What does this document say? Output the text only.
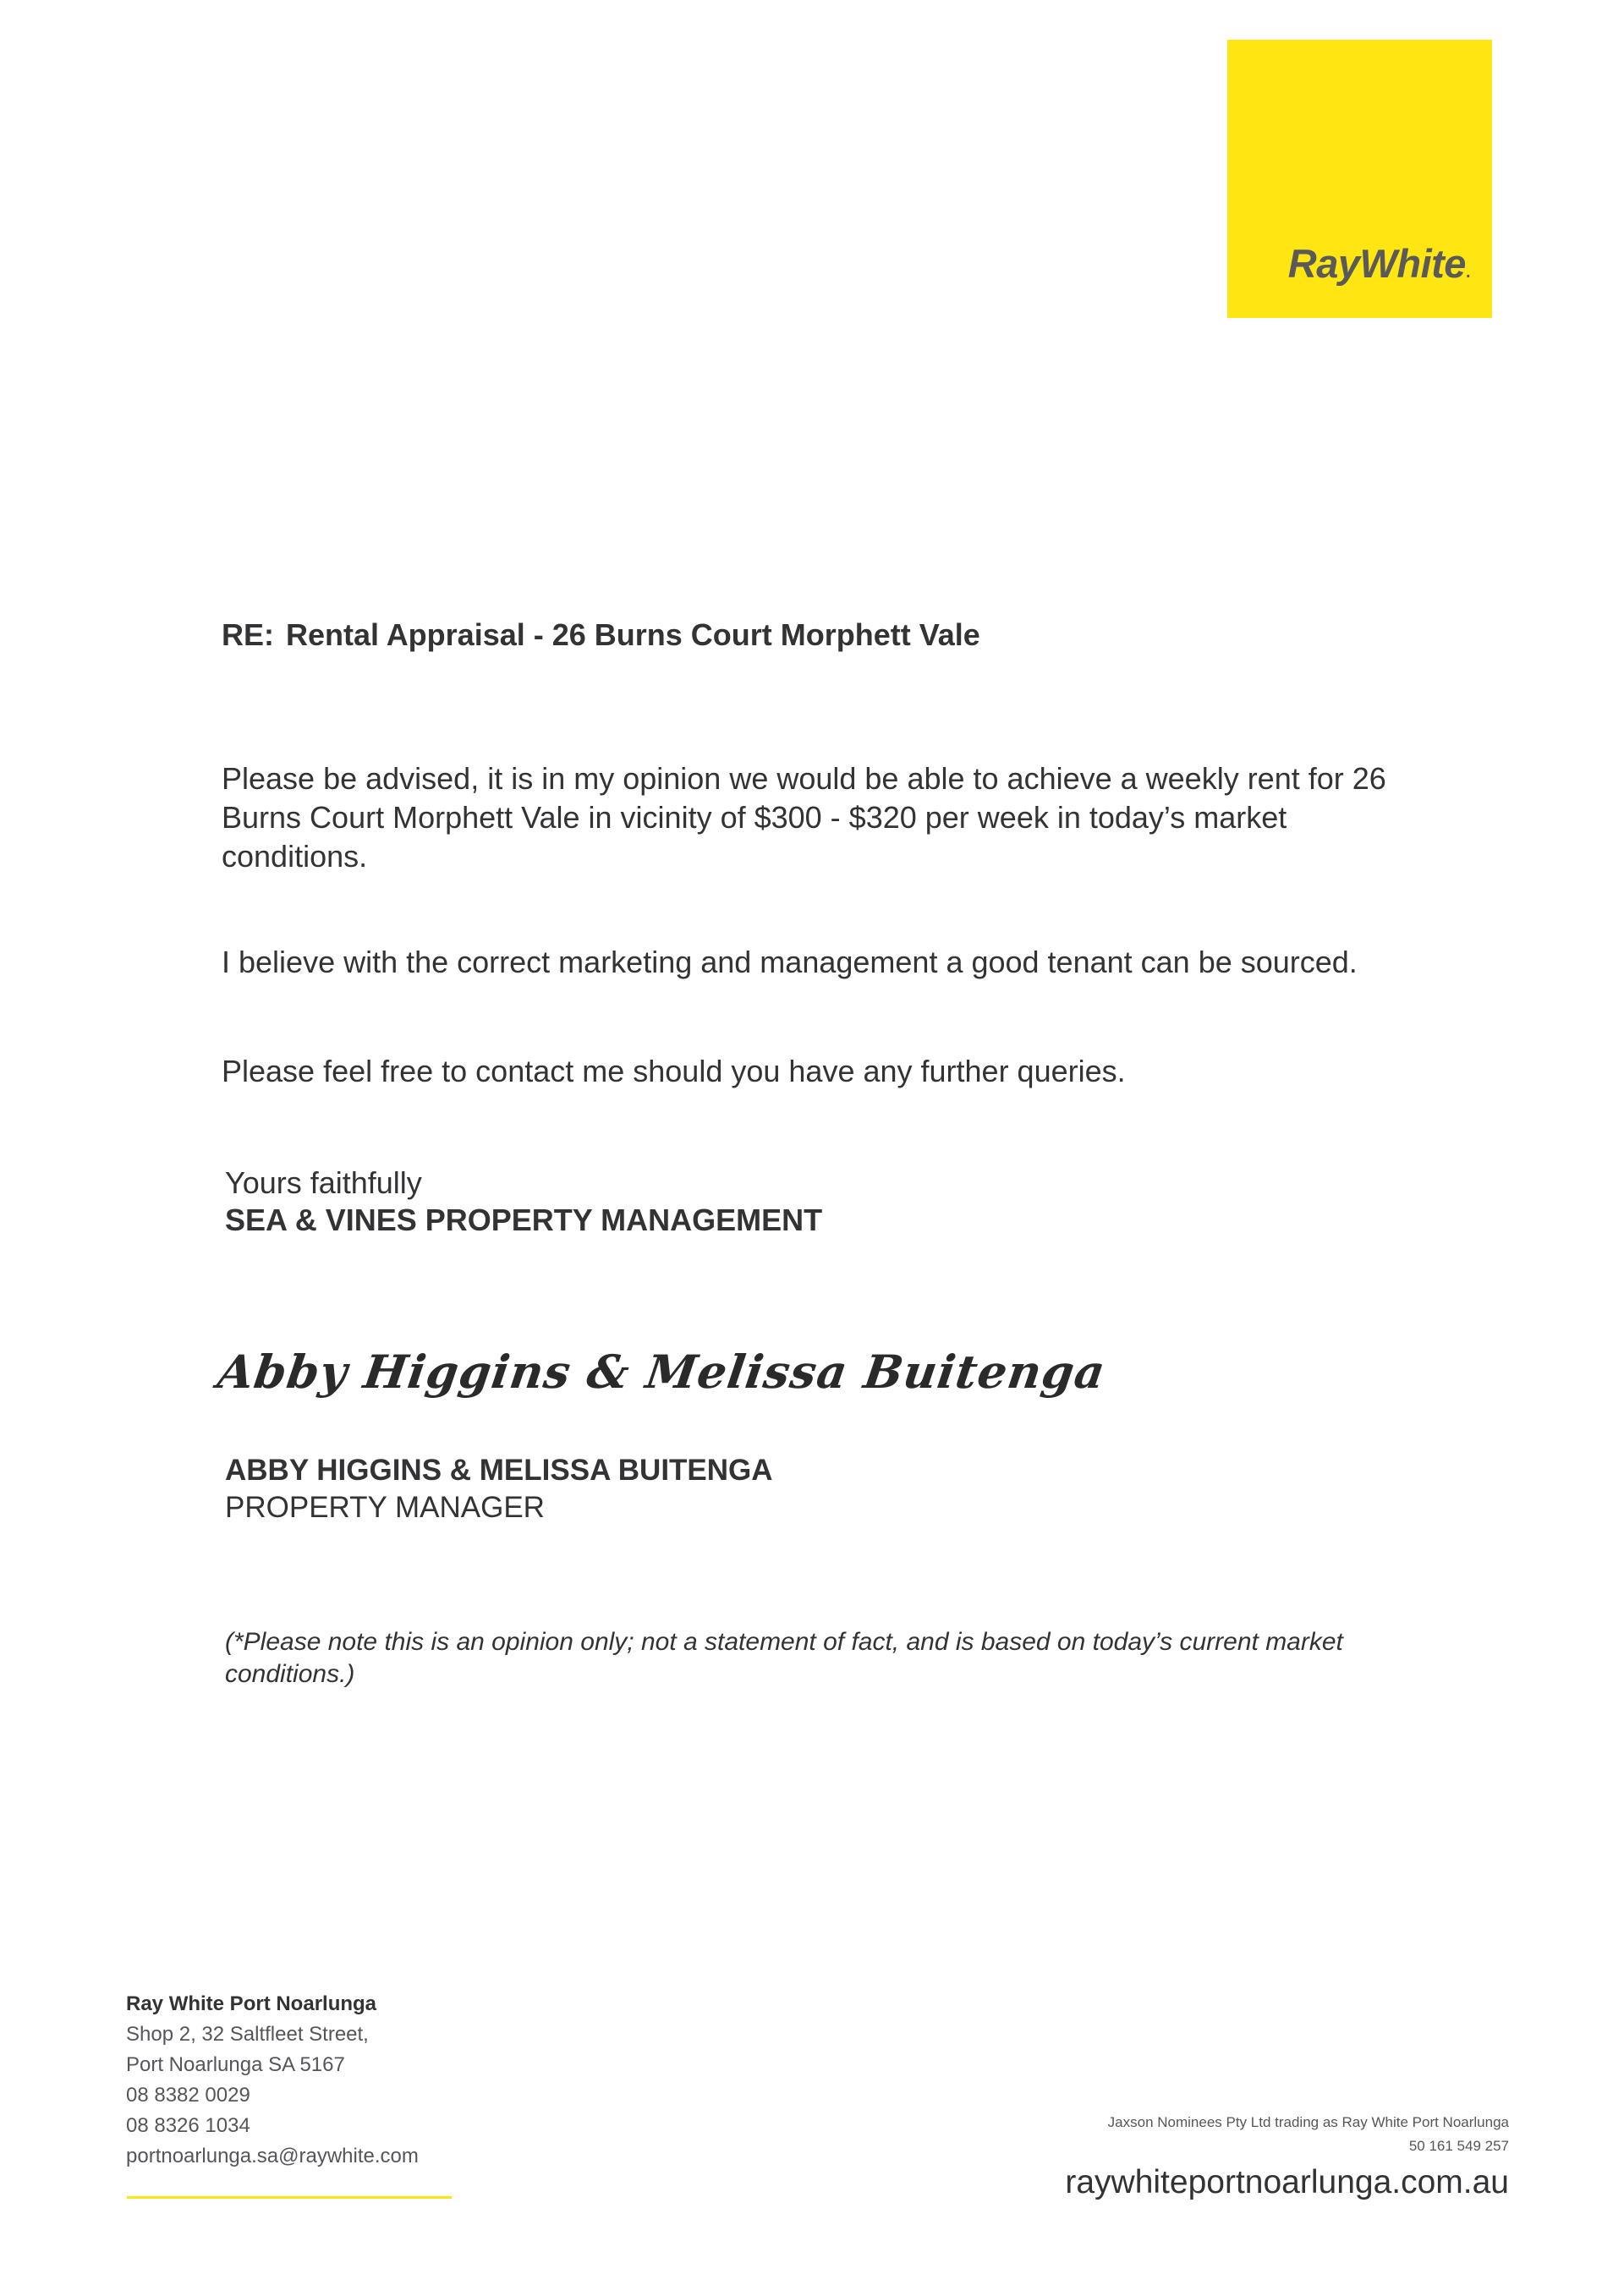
RayWhite.
RE: Rental Appraisal - 26 Burns Court Morphett Vale

Please be advised, it is in my opinion we would be able to achieve a weekly rent for 26 Burns Court Morphett Vale in vicinity of $300 - $320 per week in today’s market conditions.

I believe with the correct marketing and management a good tenant can be sourced.

Please feel free to contact me should you have any further queries.

Yours faithfully
SEA & VINES PROPERTY MANAGEMENT
Abby Higgins & Melissa Buitenga
ABBY HIGGINS & MELISSA BUITENGA
PROPERTY MANAGER

(*Please note this is an opinion only; not a statement of fact, and is based on today’s current market conditions.)

Ray White Port Noarlunga
Shop 2, 32 Saltfleet Street,
Port Noarlunga SA 5167
08 8382 0029
08 8326 1034
portnoarlunga.sa@raywhite.com
Jaxson Nominees Pty Ltd trading as Ray White Port Noarlunga
50 161 549 257
raywhiteportnoarlunga.com.au
